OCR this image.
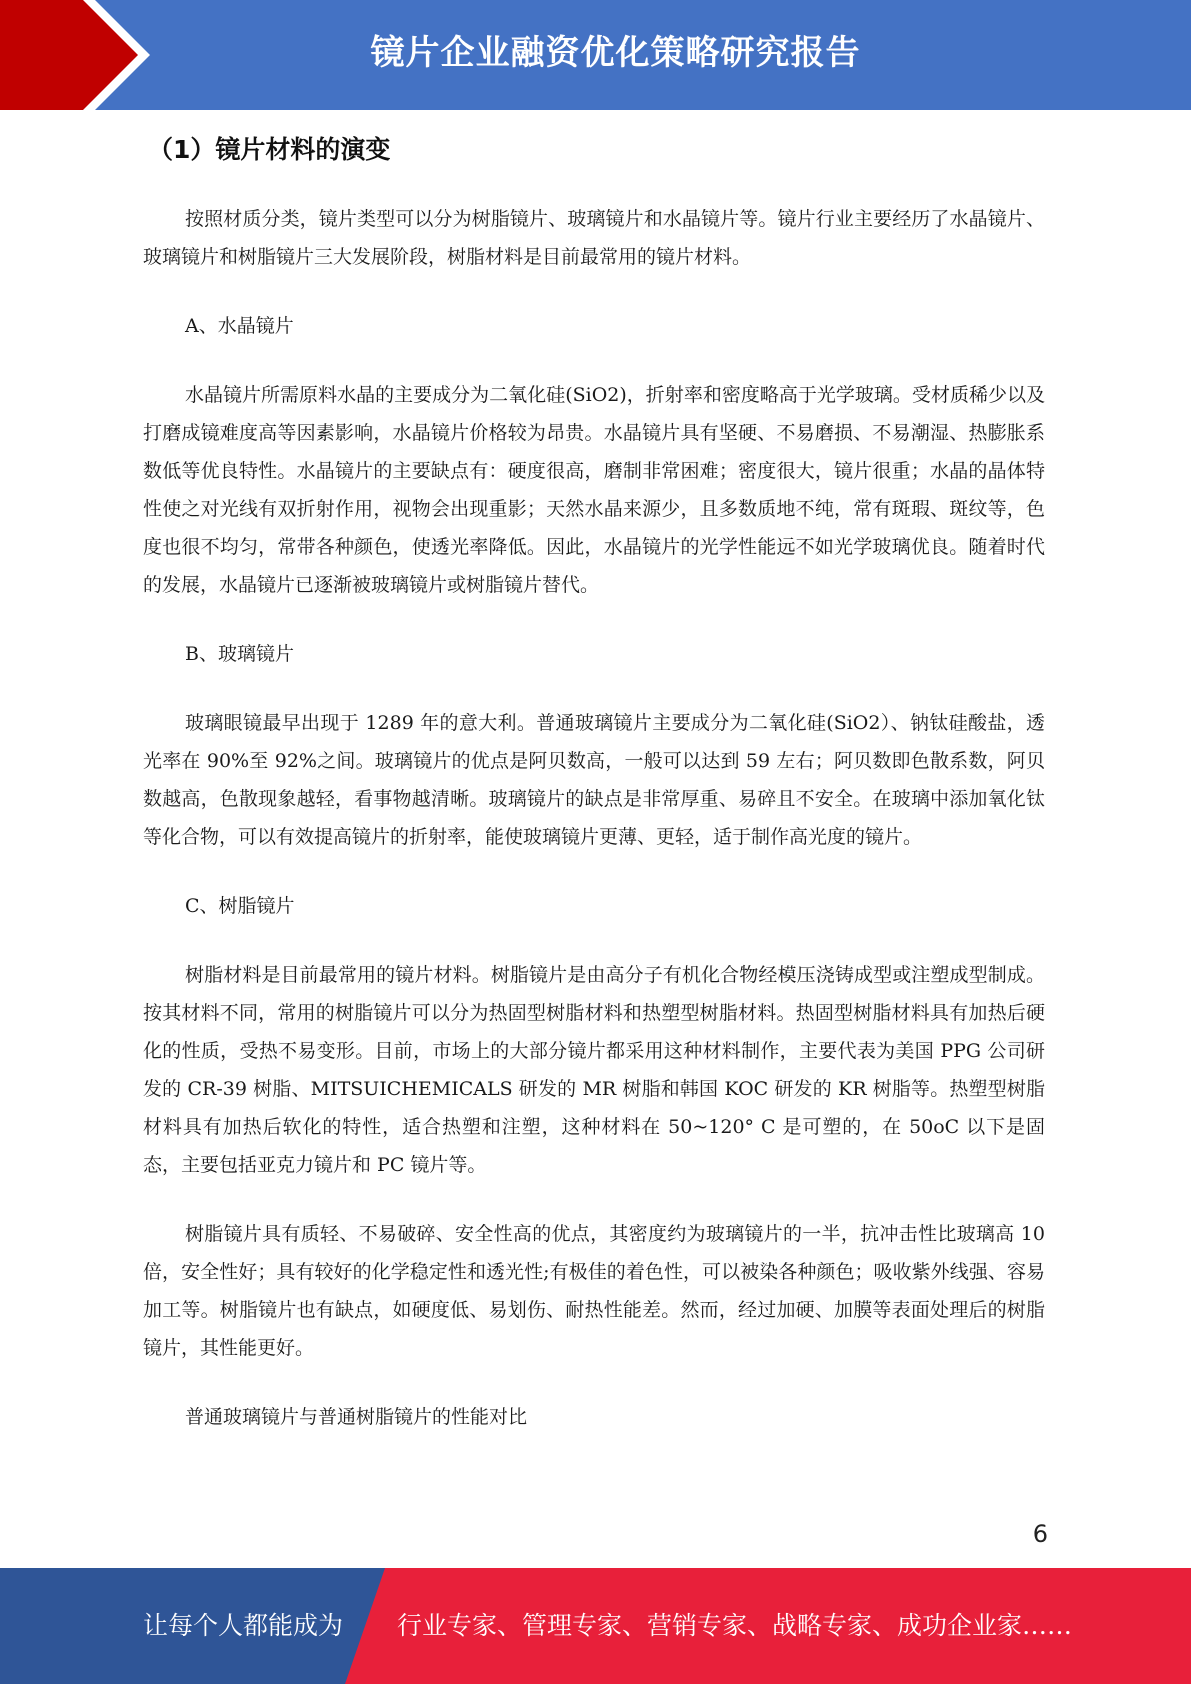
镜片企业融资优化策略研究报告
（1）镜片材料的演变

按照材质分类，镜片类型可以分为树脂镜片、玻璃镜片和水晶镜片等。镜片行业主要经历了水晶镜片、玻璃镜片和树脂镜片三大发展阶段，树脂材料是目前最常用的镜片材料。

A、水晶镜片

水晶镜片所需原料水晶的主要成分为二氧化硅(SiO2)，折射率和密度略高于光学玻璃。受材质稀少以及打磨成镜难度高等因素影响，水晶镜片价格较为昂贵。水晶镜片具有坚硬、不易磨损、不易潮湿、热膨胀系数低等优良特性。水晶镜片的主要缺点有：硬度很高，磨制非常困难；密度很大，镜片很重；水晶的晶体特性使之对光线有双折射作用，视物会出现重影；天然水晶来源少，且多数质地不纯，常有斑瑕、斑纹等，色度也很不均匀，常带各种颜色，使透光率降低。因此，水晶镜片的光学性能远不如光学玻璃优良。随着时代的发展，水晶镜片已逐渐被玻璃镜片或树脂镜片替代。

B、玻璃镜片

玻璃眼镜最早出现于 1289 年的意大利。普通玻璃镜片主要成分为二氧化硅(SiO2）、钠钛硅酸盐，透光率在 90%至 92%之间。玻璃镜片的优点是阿贝数高，一般可以达到 59 左右；阿贝数即色散系数，阿贝数越高，色散现象越轻，看事物越清晰。玻璃镜片的缺点是非常厚重、易碎且不安全。在玻璃中添加氧化钛等化合物，可以有效提高镜片的折射率，能使玻璃镜片更薄、更轻，适于制作高光度的镜片。

C、树脂镜片

树脂材料是目前最常用的镜片材料。树脂镜片是由高分子有机化合物经模压浇铸成型或注塑成型制成。按其材料不同，常用的树脂镜片可以分为热固型树脂材料和热塑型树脂材料。热固型树脂材料具有加热后硬化的性质，受热不易变形。目前，市场上的大部分镜片都采用这种材料制作，主要代表为美国 PPG 公司研发的 CR-39 树脂、MITSUICHEMICALS 研发的 MR 树脂和韩国 KOC 研发的 KR 树脂等。热塑型树脂材料具有加热后软化的特性，适合热塑和注塑，这种材料在 50~120° C 是可塑的，在 50oC 以下是固态，主要包括亚克力镜片和 PC 镜片等。

树脂镜片具有质轻、不易破碎、安全性高的优点，其密度约为玻璃镜片的一半，抗冲击性比玻璃高 10 倍，安全性好；具有较好的化学稳定性和透光性;有极佳的着色性，可以被染各种颜色；吸收紫外线强、容易加工等。树脂镜片也有缺点，如硬度低、易划伤、耐热性能差。然而，经过加硬、加膜等表面处理后的树脂镜片，其性能更好。

普通玻璃镜片与普通树脂镜片的性能对比

6
让每个人都能成为 行业专家、管理专家、营销专家、战略专家、成功企业家……
